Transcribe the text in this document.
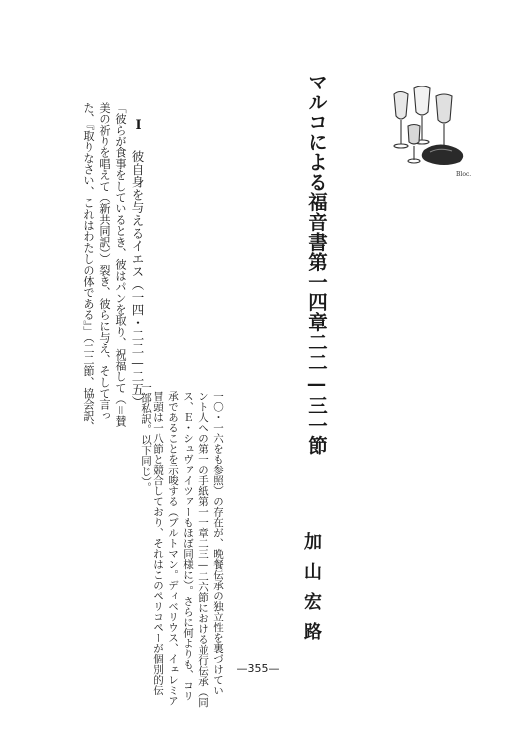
Bloc.
マルコによる福音書第一四章二二—三一節
加山宏路
Ⅰ
彼自身を与えるイエス（一四・二二—二五）
「彼らが食事をしているとき、彼はパンを取り、祝福して（＝賛
美の祈りを唱えて（新共同訳））裂き、彼らに与え、そして言っ
た、『取りなさい、これはわたしの体である』」（二二節、協会訳、
一部私訳。以下同じ）。 冒頭は一八節と競合しており、それはこのペリコペーが個別的伝 承であることを示唆する（ブルトマン。ディベリウス、イェレミア ス、Ｅ・シュヴァイツァーもほぼ同様に）。さらに何よりも、コリ ント人への第一の手紙第一一章二三—二六節における並行伝承（同 一〇・一六をも参照）の存在が、晩餐伝承の独立性を裏づけてい	—355—
